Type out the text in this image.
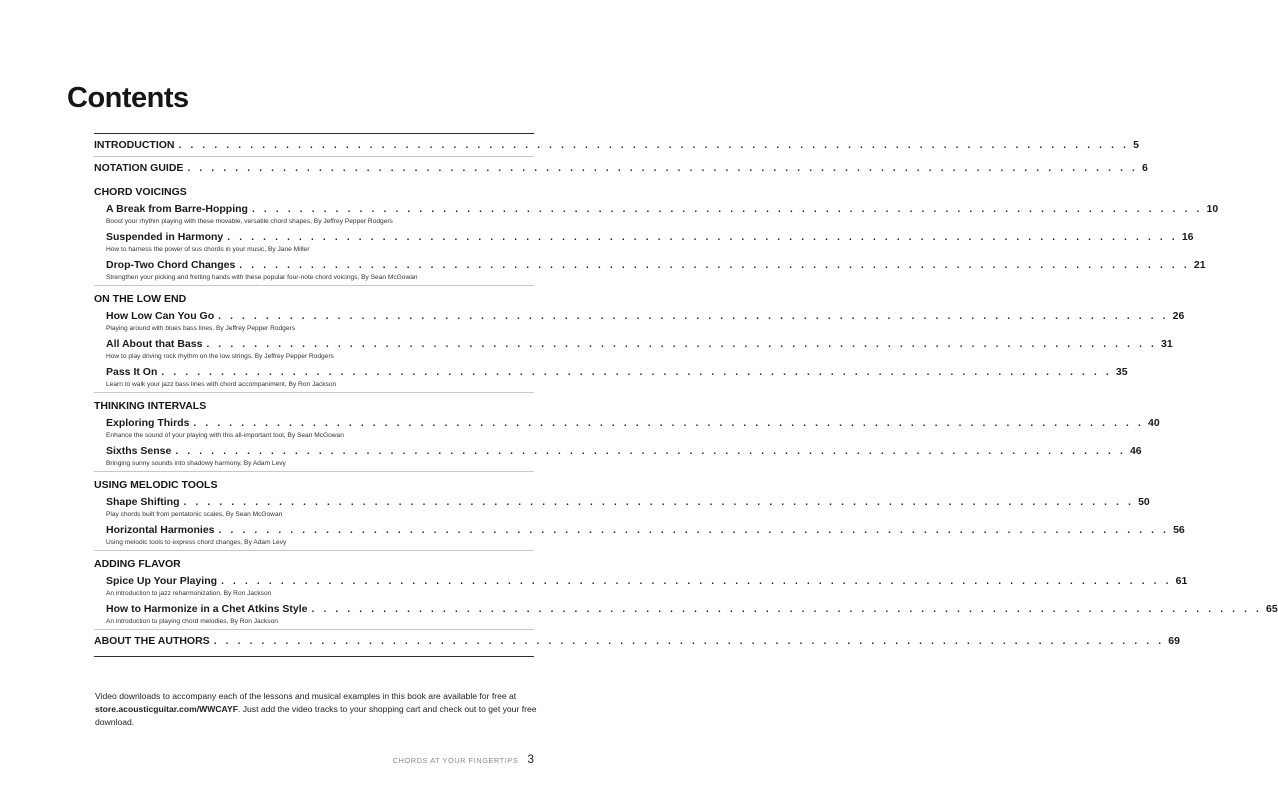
Contents
INTRODUCTION . . . . . . . . . . . . . . . . . . . . . . . . . . . . . . . . . . . . . . . . . . . . . . . . . . . . . . . . . . . . . . . . . . . . . . . . . . . . . . . . 5
NOTATION GUIDE . . . . . . . . . . . . . . . . . . . . . . . . . . . . . . . . . . . . . . . . . . . . . . . . . . . . . . . . . . . . . . . . . . . . . . . . . . . . . . . . 6
CHORD VOICINGS
A Break from Barre-Hopping . . . . . . . . . . . . . . . . . . . . . . . . . . . . . . . . . . . . . . . . . . . . . . . . . . . . . . . . . . . . . . . . . . . . . . . . . . . . . . . . 10
Boost your rhythm playing with these movable, versatile chord shapes, By Jeffrey Pepper Rodgers
Suspended in Harmony . . . . . . . . . . . . . . . . . . . . . . . . . . . . . . . . . . . . . . . . . . . . . . . . . . . . . . . . . . . . . . . . . . . . . . . . . . . . . . . . 16
How to harness the power of sus chords in your music, By Jane Miller
Drop-Two Chord Changes . . . . . . . . . . . . . . . . . . . . . . . . . . . . . . . . . . . . . . . . . . . . . . . . . . . . . . . . . . . . . . . . . . . . . . . . . . . . . . . . 21
Strengthen your picking and fretting hands with these popular four-note chord voicings, By Sean McGowan
ON THE LOW END
How Low Can You Go . . . . . . . . . . . . . . . . . . . . . . . . . . . . . . . . . . . . . . . . . . . . . . . . . . . . . . . . . . . . . . . . . . . . . . . . . . . . . . . . 26
Playing around with blues bass lines, By Jeffrey Pepper Rodgers
All About that Bass . . . . . . . . . . . . . . . . . . . . . . . . . . . . . . . . . . . . . . . . . . . . . . . . . . . . . . . . . . . . . . . . . . . . . . . . . . . . . . . . 31
How to play driving rock rhythm on the low strings, By Jeffrey Pepper Rodgers
Pass It On . . . . . . . . . . . . . . . . . . . . . . . . . . . . . . . . . . . . . . . . . . . . . . . . . . . . . . . . . . . . . . . . . . . . . . . . . . . . . . . . 35
Learn to walk your jazz bass lines with chord accompaniment, By Ron Jackson
THINKING INTERVALS
Exploring Thirds . . . . . . . . . . . . . . . . . . . . . . . . . . . . . . . . . . . . . . . . . . . . . . . . . . . . . . . . . . . . . . . . . . . . . . . . . . . . . . . . 40
Enhance the sound of your playing with this all-important tool, By Sean McGowan
Sixths Sense . . . . . . . . . . . . . . . . . . . . . . . . . . . . . . . . . . . . . . . . . . . . . . . . . . . . . . . . . . . . . . . . . . . . . . . . . . . . . . . . 46
Bringing sunny sounds into shadowy harmony, By Adam Levy
USING MELODIC TOOLS
Shape Shifting . . . . . . . . . . . . . . . . . . . . . . . . . . . . . . . . . . . . . . . . . . . . . . . . . . . . . . . . . . . . . . . . . . . . . . . . . . . . . . . . 50
Play chords built from pentatonic scales, By Sean McGowan
Horizontal Harmonies . . . . . . . . . . . . . . . . . . . . . . . . . . . . . . . . . . . . . . . . . . . . . . . . . . . . . . . . . . . . . . . . . . . . . . . . . . . . . . . . 56
Using melodic tools to express chord changes, By Adam Levy
ADDING FLAVOR
Spice Up Your Playing . . . . . . . . . . . . . . . . . . . . . . . . . . . . . . . . . . . . . . . . . . . . . . . . . . . . . . . . . . . . . . . . . . . . . . . . . . . . . . . . 61
An introduction to jazz reharmonization, By Ron Jackson
How to Harmonize in a Chet Atkins Style . . . . . . . . . . . . . . . . . . . . . . . . . . . . . . . . . . . . . . . . . . . . . . . . . . . . . . . . . . . . . . . . . . . . . . . . . . . . . . . . 65
An introduction to playing chord melodies, By Ron Jackson
ABOUT THE AUTHORS . . . . . . . . . . . . . . . . . . . . . . . . . . . . . . . . . . . . . . . . . . . . . . . . . . . . . . . . . . . . . . . . . . . . . . . . . . . . . . . . 69
Video downloads to accompany each of the lessons and musical examples in this book are available for free at store.acousticguitar.com/WWCAYF. Just add the video tracks to your shopping cart and check out to get your free download.
CHORDS AT YOUR FINGERTIPS 3
